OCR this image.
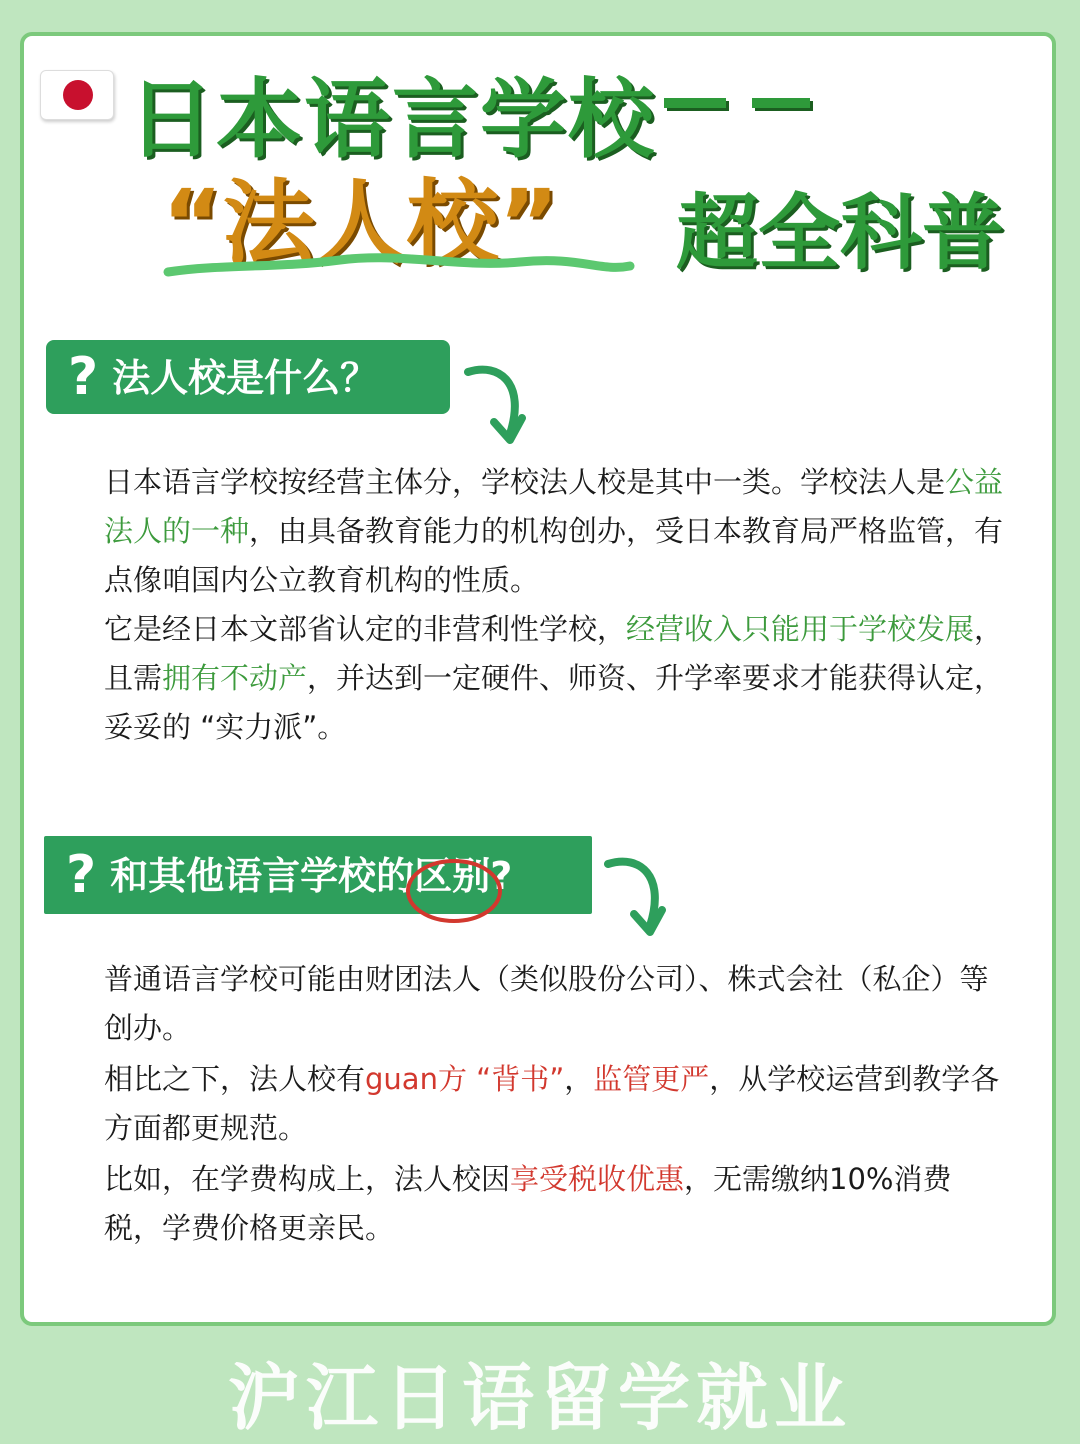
日本语言学校
“法人校” 超全科普
? 法人校是什么？
日本语言学校按经营主体分，学校法人校是其中一类。学校法人是公益法人的一种，由具备教育能力的机构创办，受日本教育局严格监管，有点像咱国内公立教育机构的性质。
它是经日本文部省认定的非营利性学校，经营收入只能用于学校发展，且需拥有不动产，并达到一定硬件、师资、升学率要求才能获得认定，妥妥的 “实力派”。
? 和其他语言学校的
区别?
普通语言学校可能由财团法人（类似股份公司）、株式会社（私企）等创办。
相比之下，法人校有guan方 “背书”，监管更严，从学校运营到教学各方面都更规范。
比如，在学费构成上，法人校因享受税收优惠，无需缴纳10%消费税，学费价格更亲民。
沪江日语留学就业
